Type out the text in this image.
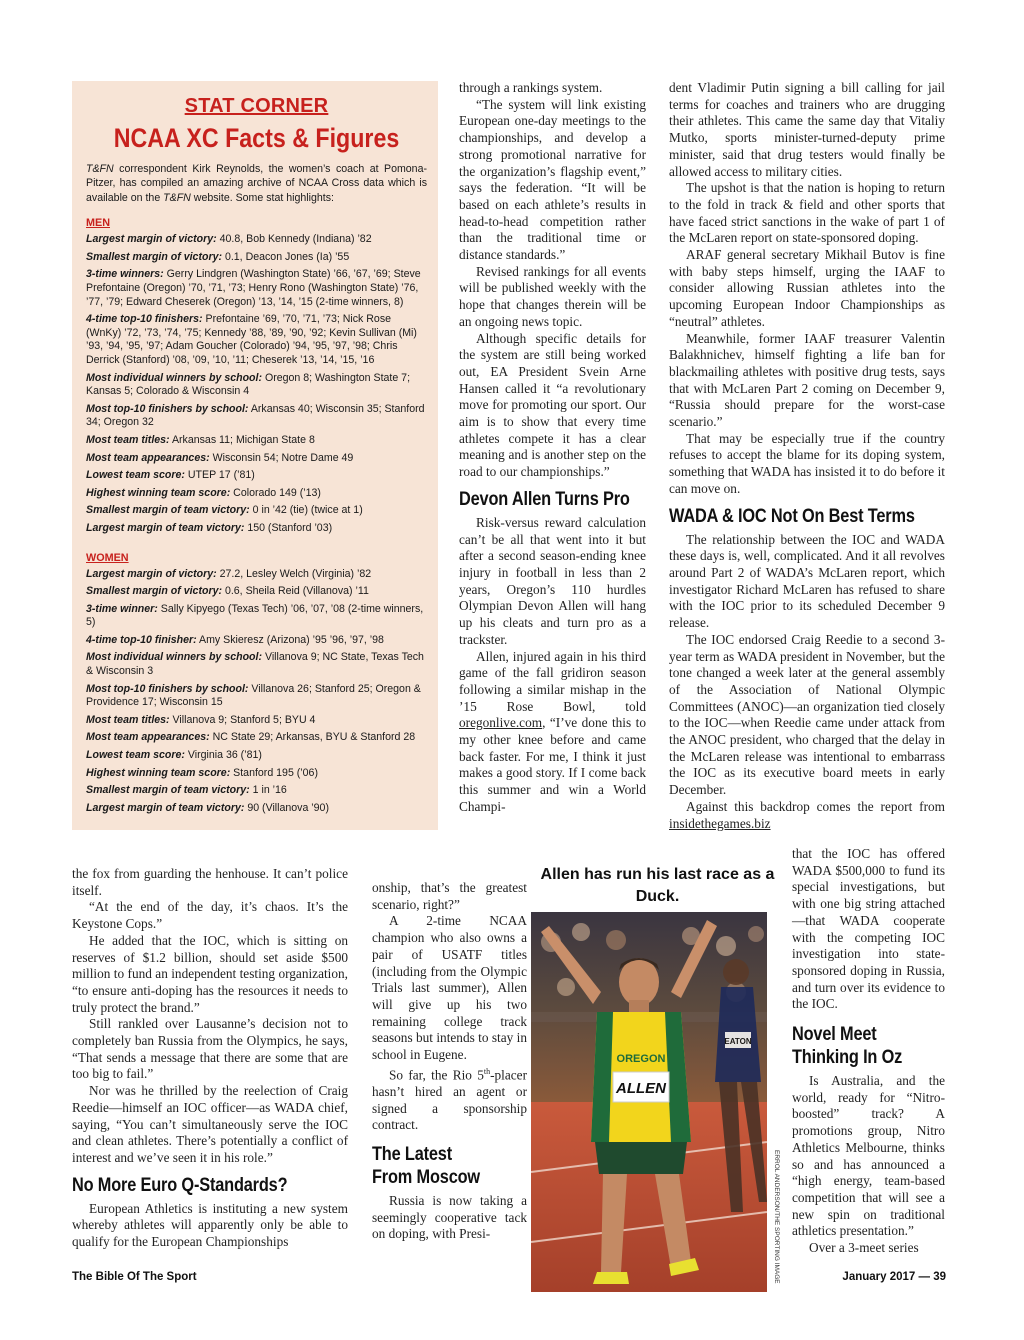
STAT CORNER
NCAA XC Facts & Figures
T&FN correspondent Kirk Reynolds, the women’s coach at Pomona-Pitzer, has compiled an amazing archive of NCAA Cross data which is available on the T&FN website. Some stat highlights:
MEN
Largest margin of victory: 40.8, Bob Kennedy (Indiana) ’82
Smallest margin of victory: 0.1, Deacon Jones (Ia) ’55
3-time winners: Gerry Lindgren (Washington State) ’66, ’67, ’69; Steve Prefontaine (Oregon) ’70, ’71, ’73; Henry Rono (Washington State) ’76, ’77, ’79; Edward Cheserek (Oregon) ’13, ’14, ’15 (2-time winners, 8)
4-time top-10 finishers: Prefontaine ’69, ’70, ’71, ’73; Nick Rose (WnKy) ’72, ’73, ’74, ’75; Kennedy ’88, ’89, ’90, ’92; Kevin Sullivan (Mi) ’93, ’94, ’95, ’97; Adam Goucher (Colorado) ’94, ’95, ’97, ’98; Chris Derrick (Stanford) ’08, ’09, ’10, ’11; Cheserek ’13, ’14, ’15, ’16
Most individual winners by school: Oregon 8; Washington State 7; Kansas 5; Colorado & Wisconsin 4
Most top-10 finishers by school: Arkansas 40; Wisconsin 35; Stanford 34; Oregon 32
Most team titles: Arkansas 11; Michigan State 8
Most team appearances: Wisconsin 54; Notre Dame 49
Lowest team score: UTEP 17 (’81)
Highest winning team score: Colorado 149 (’13)
Smallest margin of team victory: 0 in ’42 (tie) (twice at 1)
Largest margin of team victory: 150 (Stanford ’03)
WOMEN
Largest margin of victory: 27.2, Lesley Welch (Virginia) ’82
Smallest margin of victory: 0.6, Sheila Reid (Villanova) ’11
3-time winner: Sally Kipyego (Texas Tech) ’06, ’07, ’08 (2-time winners, 5)
4-time top-10 finisher: Amy Skieresz (Arizona) ’95 ’96, ’97, ’98
Most individual winners by school: Villanova 9; NC State, Texas Tech & Wisconsin 3
Most top-10 finishers by school: Villanova 26; Stanford 25; Oregon & Providence 17; Wisconsin 15
Most team titles: Villanova 9; Stanford 5; BYU 4
Most team appearances: NC State 29; Arkansas, BYU & Stanford 28
Lowest team score: Virginia 36 (’81)
Highest winning team score: Stanford 195 (’06)
Smallest margin of team victory: 1 in ’16
Largest margin of team victory: 90 (Villanova ’90)

the fox from guarding the henhouse. It can’t police itself.

“At the end of the day, it’s chaos. It’s the Keystone Cops.”

He added that the IOC, which is sitting on reserves of $1.2 billion, should set aside $500 million to fund an independent testing organization, “to ensure anti-doping has the resources it needs to truly protect the brand.”

Still rankled over Lausanne’s decision not to completely ban Russia from the Olympics, he says, “That sends a message that there are some that are too big to fail.”

Nor was he thrilled by the reelection of Craig Reedie—himself an IOC officer—as WADA chief, saying, “You can’t simultaneously serve the IOC and clean athletes. There’s potentially a conflict of interest and we’ve seen it in his role.”

No More Euro Q-Standards?

European Athletics is instituting a new system whereby athletes will apparently only be able to qualify for the European Championships

through a rankings system.

“The system will link existing European one-day meetings to the championships, and develop a strong promotional narrative for the organization’s flagship event,” says the federation. “It will be based on each athlete’s results in head-to-head competition rather than the traditional time or distance standards.”

Revised rankings for all events will be published weekly with the hope that changes therein will be an ongoing news topic.

Although specific details for the system are still being worked out, EA President Svein Arne Hansen called it “a revolutionary move for promoting our sport. Our aim is to show that every time athletes compete it has a clear meaning and is another step on the road to our championships.”

Devon Allen Turns Pro

Risk-versus reward calculation can’t be all that went into it but after a second season-ending knee injury in football in less than 2 years, Oregon’s 110 hurdles Olympian Devon Allen will hang up his cleats and turn pro as a trackster.

Allen, injured again in his third game of the fall gridiron season following a similar mishap in the ’15 Rose Bowl, told oregonlive.com, “I’ve done this to my other knee before and came back faster. For me, I think it just makes a good story. If I come back this summer and win a World Champi-

onship, that’s the greatest scenario, right?”

A 2-time NCAA champion who also owns a pair of USATF titles (including from the Olympic Trials last summer), Allen will give up his two remaining college track seasons but intends to stay in school in Eugene.

So far, the Rio 5th-placer hasn’t hired an agent or signed a sponsorship contract.

The Latest
From Moscow

Russia is now taking a seemingly cooperative tack on doping, with Presi-

dent Vladimir Putin signing a bill calling for jail terms for coaches and trainers who are drugging their athletes. This came the same day that Vitaliy Mutko, sports minister-turned-deputy prime minister, said that drug testers would finally be allowed access to military cities.

The upshot is that the nation is hoping to return to the fold in track & field and other sports that have faced strict sanctions in the wake of part 1 of the McLaren report on state-sponsored doping.

ARAF general secretary Mikhail Butov is fine with baby steps himself, urging the IAAF to consider allowing Russian athletes into the upcoming European Indoor Championships as “neutral” athletes.

Meanwhile, former IAAF treasurer Valentin Balakhnichev, himself fighting a life ban for blackmailing athletes with positive drug tests, says that with McLaren Part 2 coming on December 9, “Russia should prepare for the worst-case scenario.”

That may be especially true if the country refuses to accept the blame for its doping system, something that WADA has insisted it to do before it can move on.

WADA & IOC Not On Best Terms

The relationship between the IOC and WADA these days is, well, complicated. And it all revolves around Part 2 of WADA’s McLaren report, which investigator Richard McLaren has refused to share with the IOC prior to its scheduled December 9 release.

The IOC endorsed Craig Reedie to a second 3-year term as WADA president in November, but the tone changed a week later at the general assembly of the Association of National Olympic Committees (ANOC)—an organization tied closely to the IOC—when Reedie came under attack from the ANOC president, who charged that the delay in the McLaren release was intentional to embarrass the IOC as its executive board meets in early December.

Against this backdrop comes the report from insidethegames.biz

that the IOC has offered WADA $500,000 to fund its special investigations, but with one big string attached—that WADA cooperate with the competing IOC investigation into state-sponsored doping in Russia, and turn over its evidence to the IOC.

Novel Meet
Thinking In Oz

Is Australia, and the world, ready for “Nitro-boosted” track? A promotions group, Nitro Athletics Melbourne, thinks so and has announced a “high energy, team-based competition that will see a new spin on traditional athletics presentation.”

Over a 3-meet series

Allen has run his last race as a Duck.
EATON
OREGON
ALLEN
ERROL ANDERSON/THE SPORTING IMAGE
The Bible Of The Sport	January 2017 — 39
